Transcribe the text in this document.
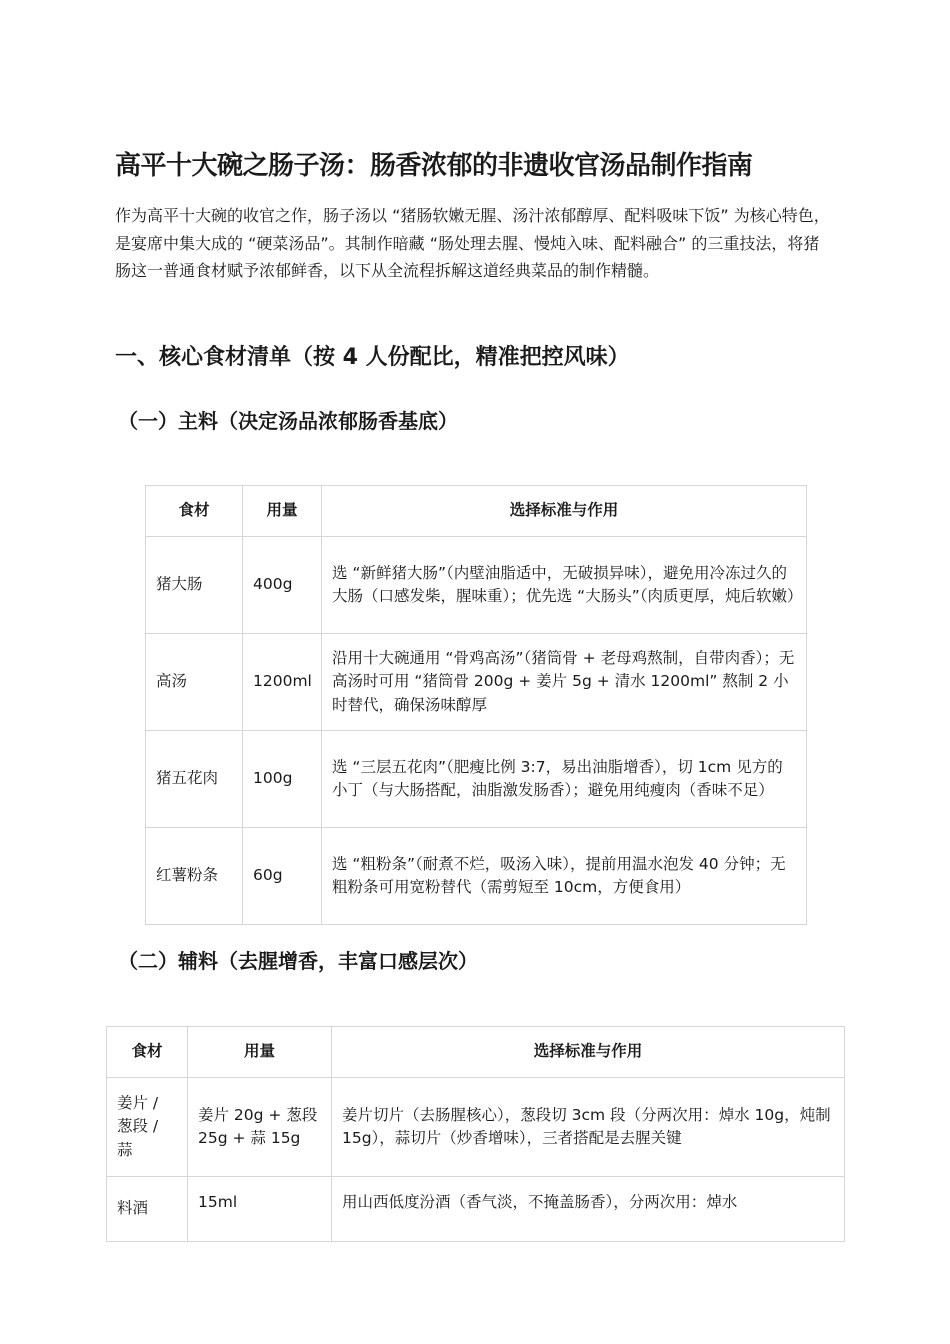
高平十大碗之肠子汤：肠香浓郁的非遗收官汤品制作指南

作为高平十大碗的收官之作，肠子汤以 “猪肠软嫩无腥、汤汁浓郁醇厚、配料吸味下饭” 为核心特色，是宴席中集大成的 “硬菜汤品”。其制作暗藏 “肠处理去腥、慢炖入味、配料融合” 的三重技法，将猪肠这一普通食材赋予浓郁鲜香，以下从全流程拆解这道经典菜品的制作精髓。

一、核心食材清单（按 4 人份配比，精准把控风味）
（一）主料（决定汤品浓郁肠香基底）
食材	用量	选择标准与作用
猪大肠	400g	选 “新鲜猪大肠”（内壁油脂适中，无破损异味），避免用冷冻过久的大肠（口感发柴，腥味重）；优先选 “大肠头”（肉质更厚，炖后软嫩）
高汤	1200ml	沿用十大碗通用 “骨鸡高汤”（猪筒骨 + 老母鸡熬制，自带肉香）；无高汤时可用 “猪筒骨 200g + 姜片 5g + 清水 1200ml” 熬制 2 小时替代，确保汤味醇厚
猪五花肉	100g	选 “三层五花肉”（肥瘦比例 3:7，易出油脂增香），切 1cm 见方的小丁（与大肠搭配，油脂激发肠香）；避免用纯瘦肉（香味不足）
红薯粉条	60g	选 “粗粉条”（耐煮不烂，吸汤入味），提前用温水泡发 40 分钟；无粗粉条可用宽粉替代（需剪短至 10cm，方便食用）
（二）辅料（去腥增香，丰富口感层次）
食材	用量	选择标准与作用
姜片 / 葱段 / 蒜	姜片 20g + 葱段 25g + 蒜 15g	姜片切片（去肠腥核心），葱段切 3cm 段（分两次用：焯水 10g，炖制 15g），蒜切片（炒香增味），三者搭配是去腥关键
料酒	15ml	用山西低度汾酒（香气淡，不掩盖肠香），分两次用：焯水
